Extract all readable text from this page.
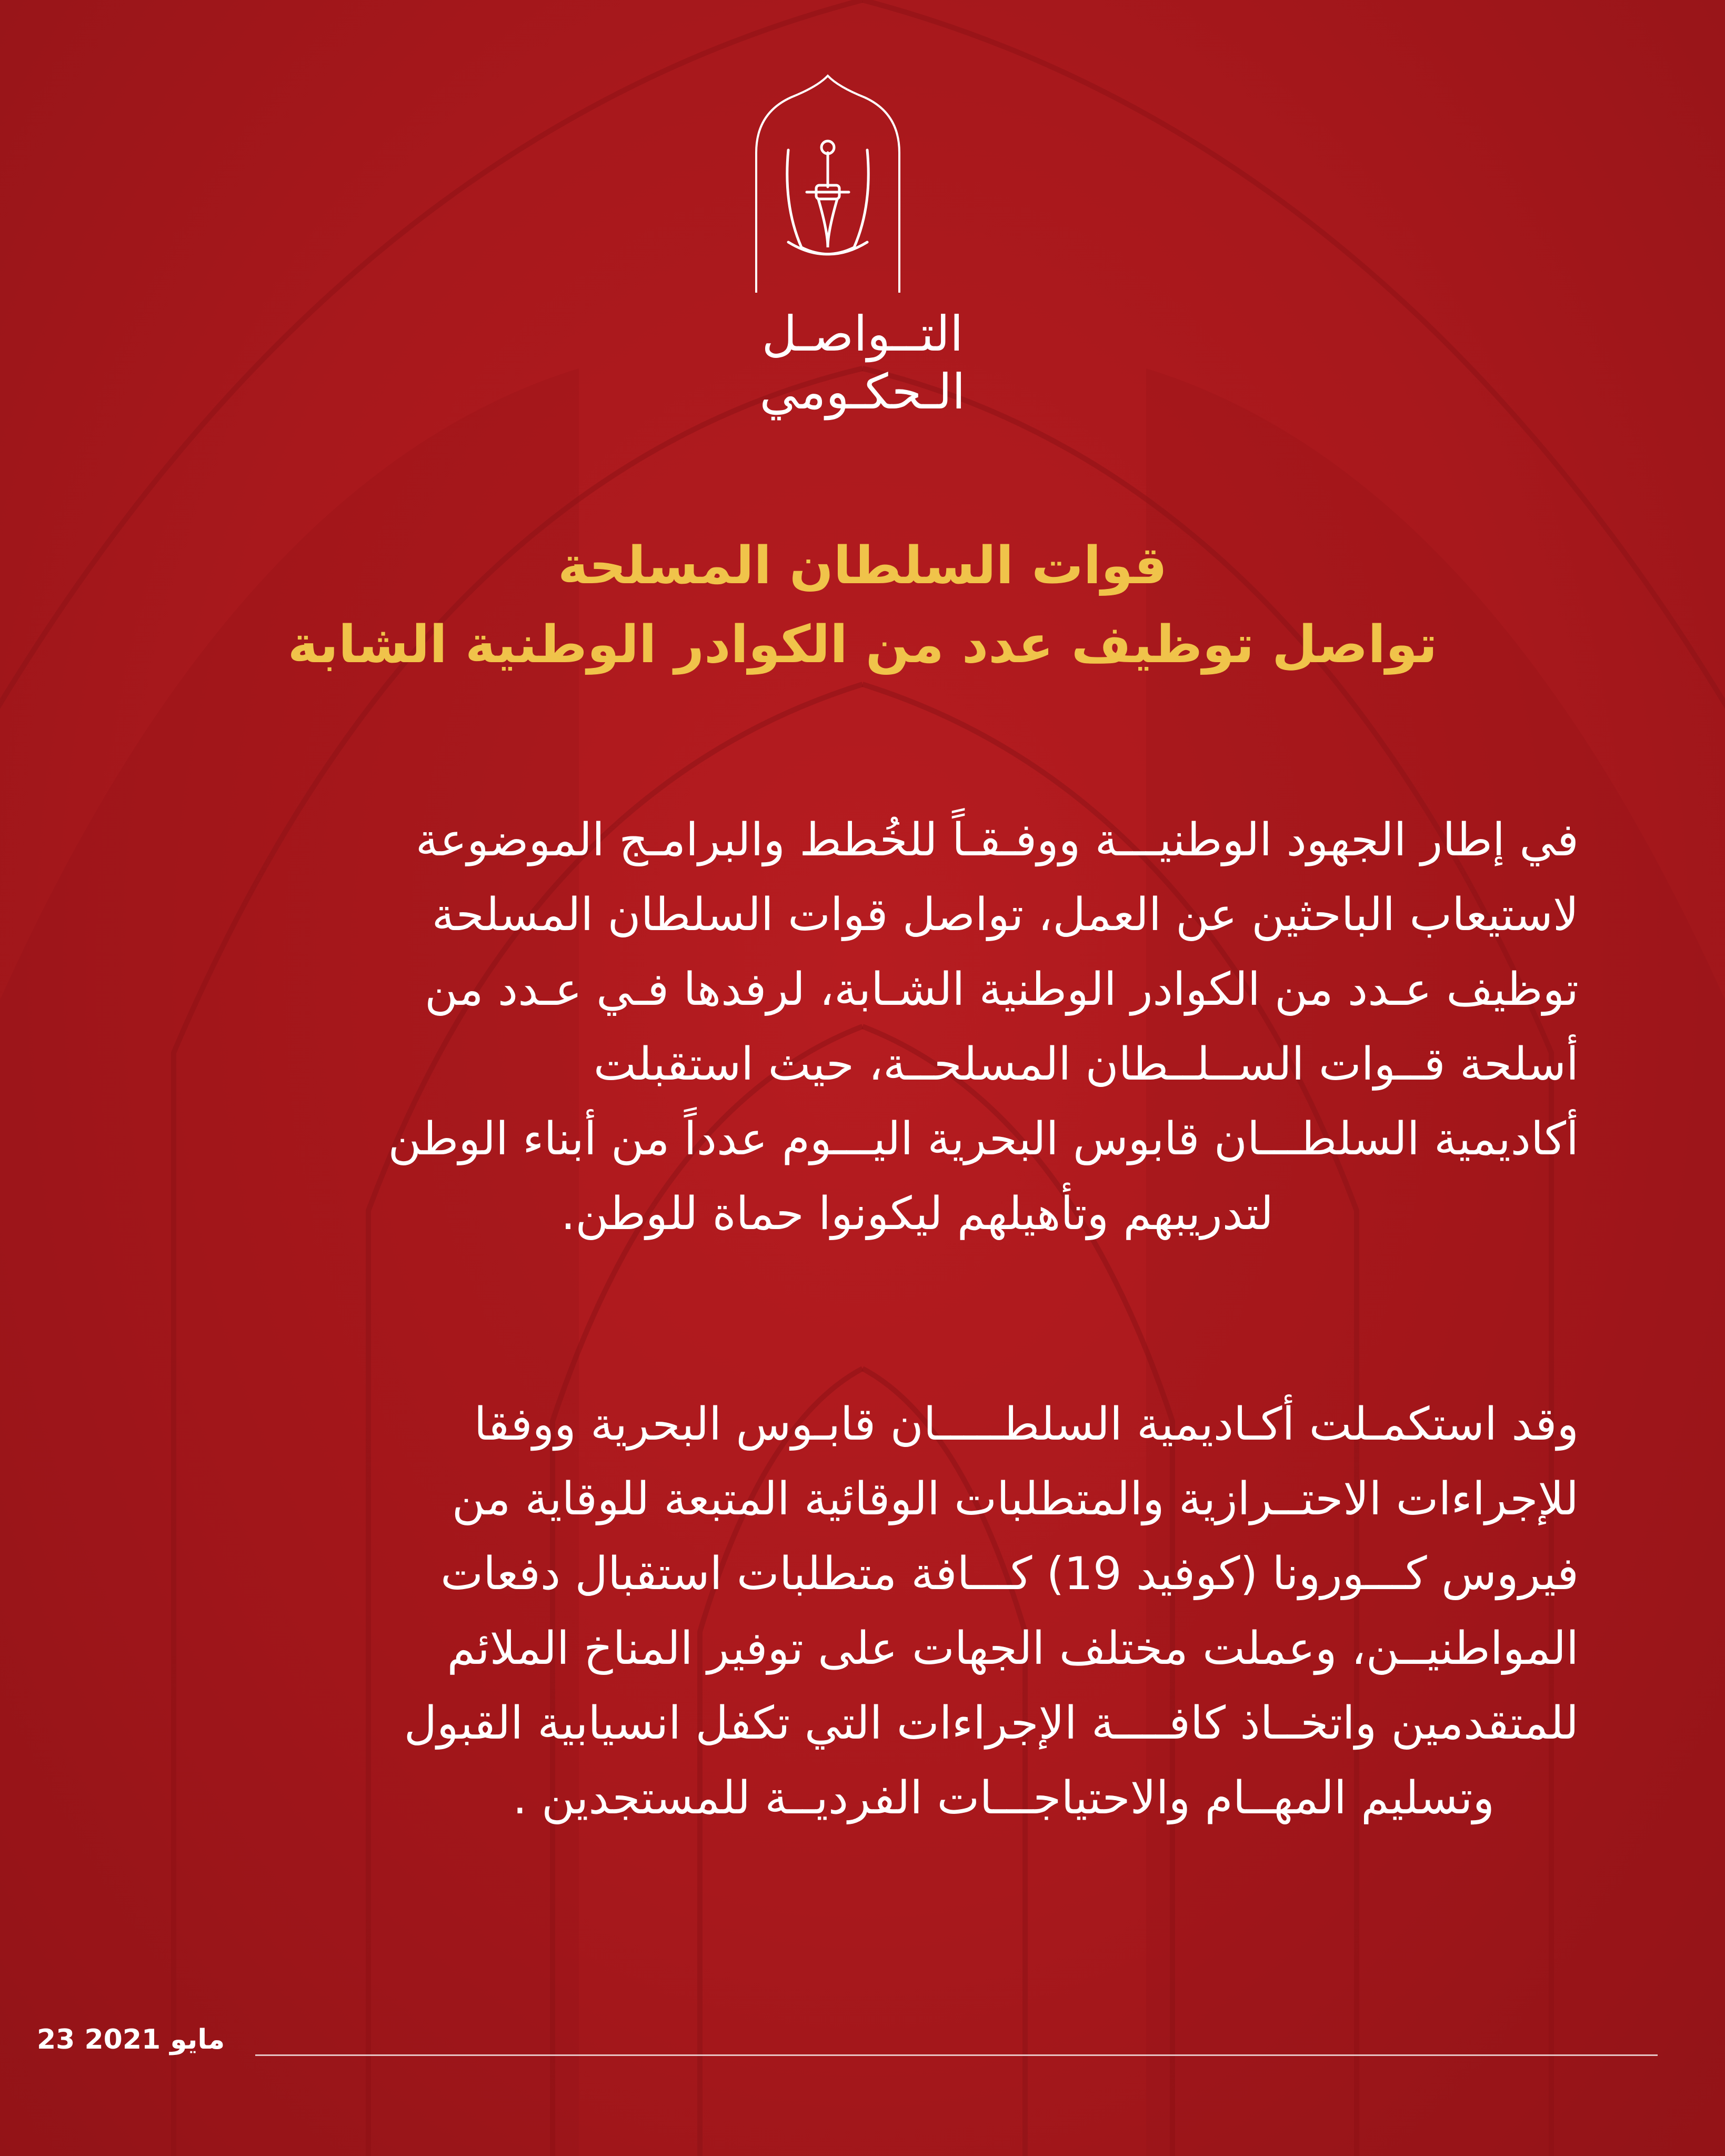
التــواصـل
الـحكـومي
قوات السلطان المسلحة
تواصل توظيف عدد من الكوادر الوطنية الشابة
في إطار الجهود الوطنيـــة ووفـقـاً للخُطط والبرامـج الموضوعة
لاستيعاب الباحثين عن العمل، تواصل قوات السلطان المسلحة
توظيف عـدد من الكوادر الوطنية الشـابة، لرفدها فـي عـدد من
أسلحة قــوات الســلــطان المسلحــة، حيث استقبلت
أكاديمية السلطـــان قابوس البحرية اليـــوم عدداً من أبناء الوطن
لتدريبهم وتأهيلهم ليكونوا حماة للوطن.
وقد استكمـلت أكـاديمية السلطـــــان قابـوس البحرية ووفقا
للإجراءات الاحتــرازية والمتطلبات الوقائية المتبعة للوقاية من
فيروس كـــورونا (كوفيد 19) كـــافة متطلبات استقبال دفعات
المواطنيــن، وعملت مختلف الجهات على توفير المناخ الملائم
للمتقدمين واتخــاذ كافــــة الإجراءات التي تكفل انسيابية القبول
وتسليم المهــام والاحتياجـــات الفرديــة للمستجدين .
23 مايو 2021
